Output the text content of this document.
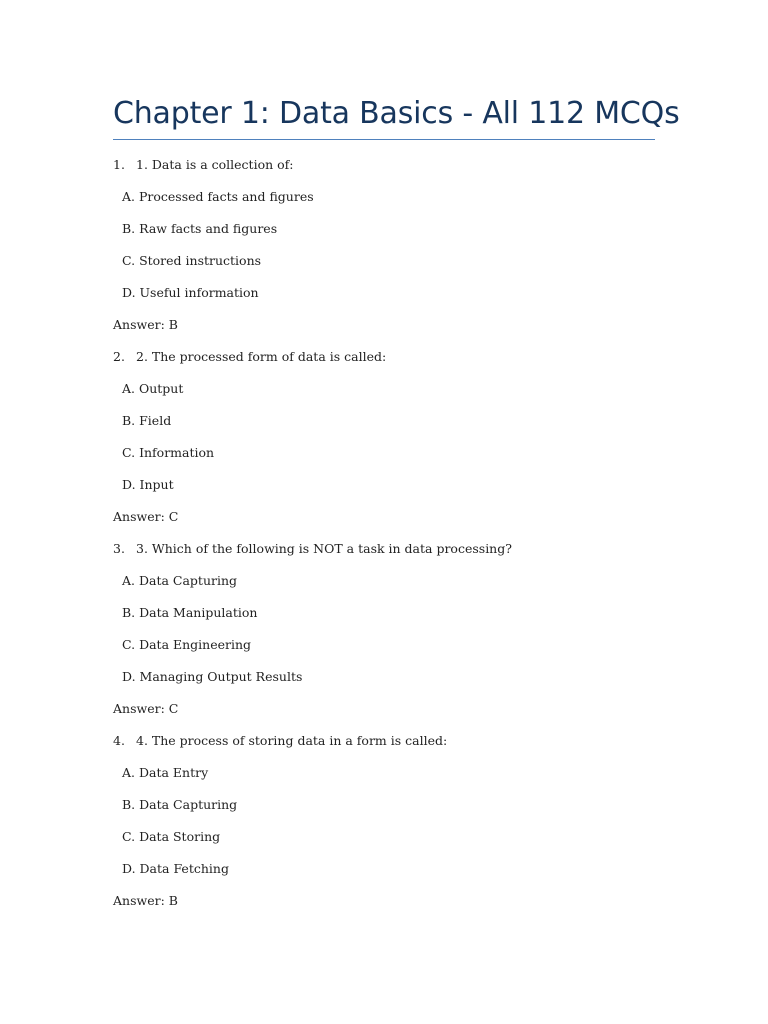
Chapter 1: Data Basics - All 112 MCQs
1. 1. Data is a collection of:
A. Processed facts and figures
B. Raw facts and figures
C. Stored instructions
D. Useful information
Answer: B
2. 2. The processed form of data is called:
A. Output
B. Field
C. Information
D. Input
Answer: C
3. 3. Which of the following is NOT a task in data processing?
A. Data Capturing
B. Data Manipulation
C. Data Engineering
D. Managing Output Results
Answer: C
4. 4. The process of storing data in a form is called:
A. Data Entry
B. Data Capturing
C. Data Storing
D. Data Fetching
Answer: B
